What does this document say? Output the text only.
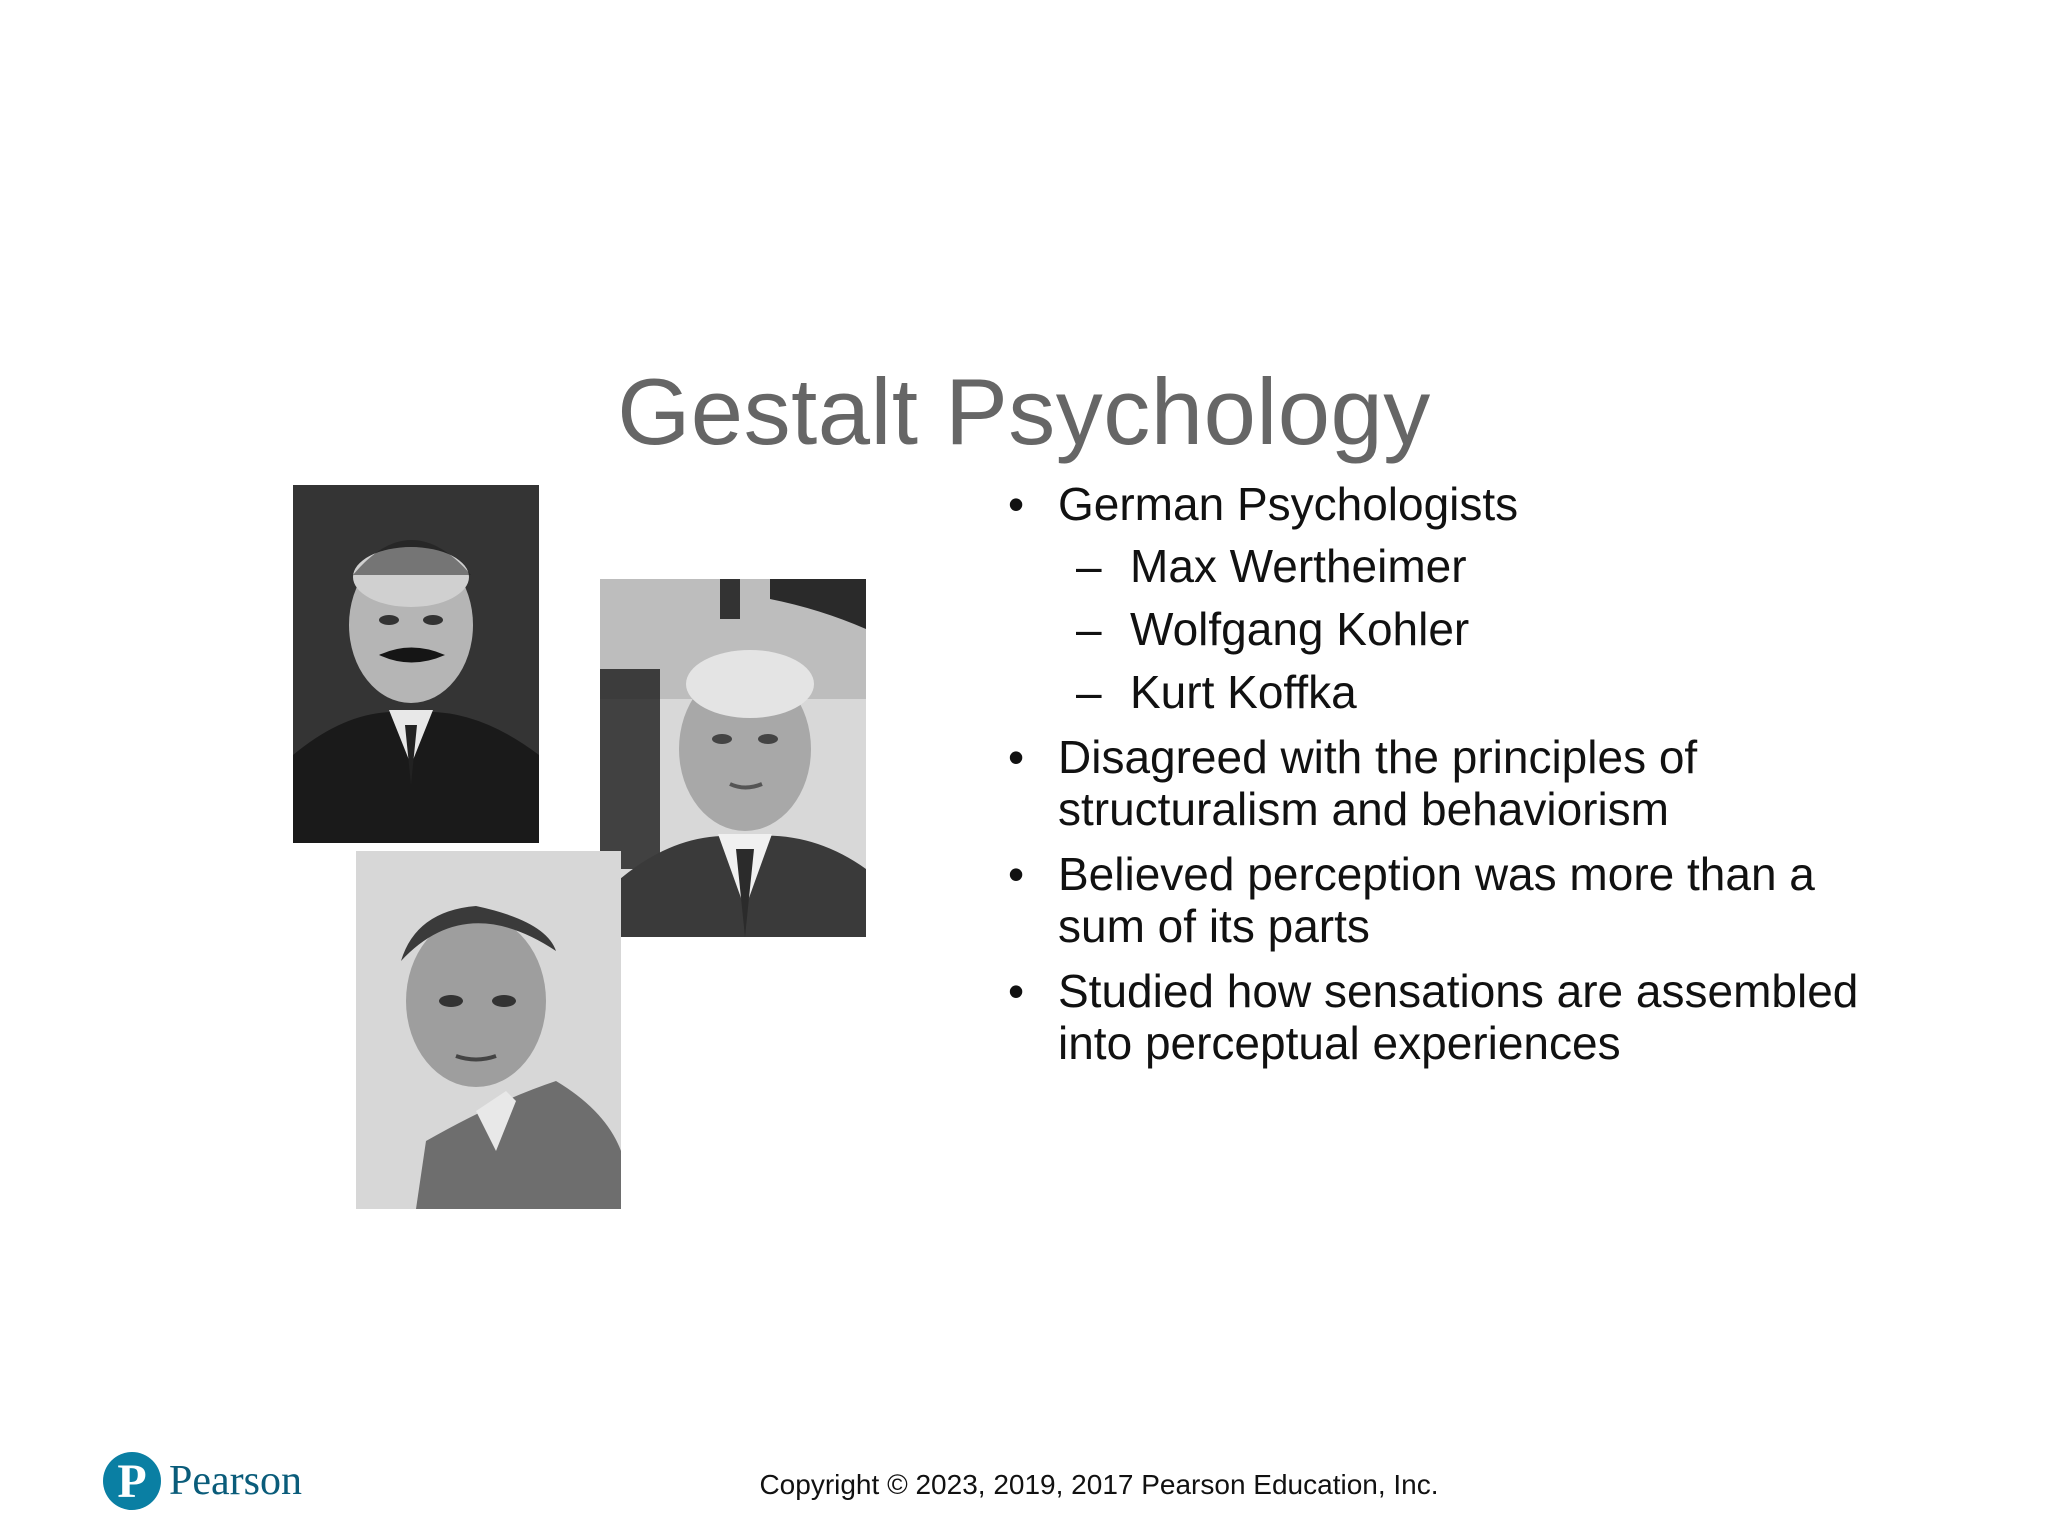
Gestalt Psychology
• German Psychologists
– Max Wertheimer
– Wolfgang Kohler
– Kurt Koffka
• Disagreed with the principles of structuralism and behaviorism
• Believed perception was more than a sum of its parts
• Studied how sensations are assembled into perceptual experiences
P Pearson	Copyright © 2023, 2019, 2017 Pearson Education, Inc.
